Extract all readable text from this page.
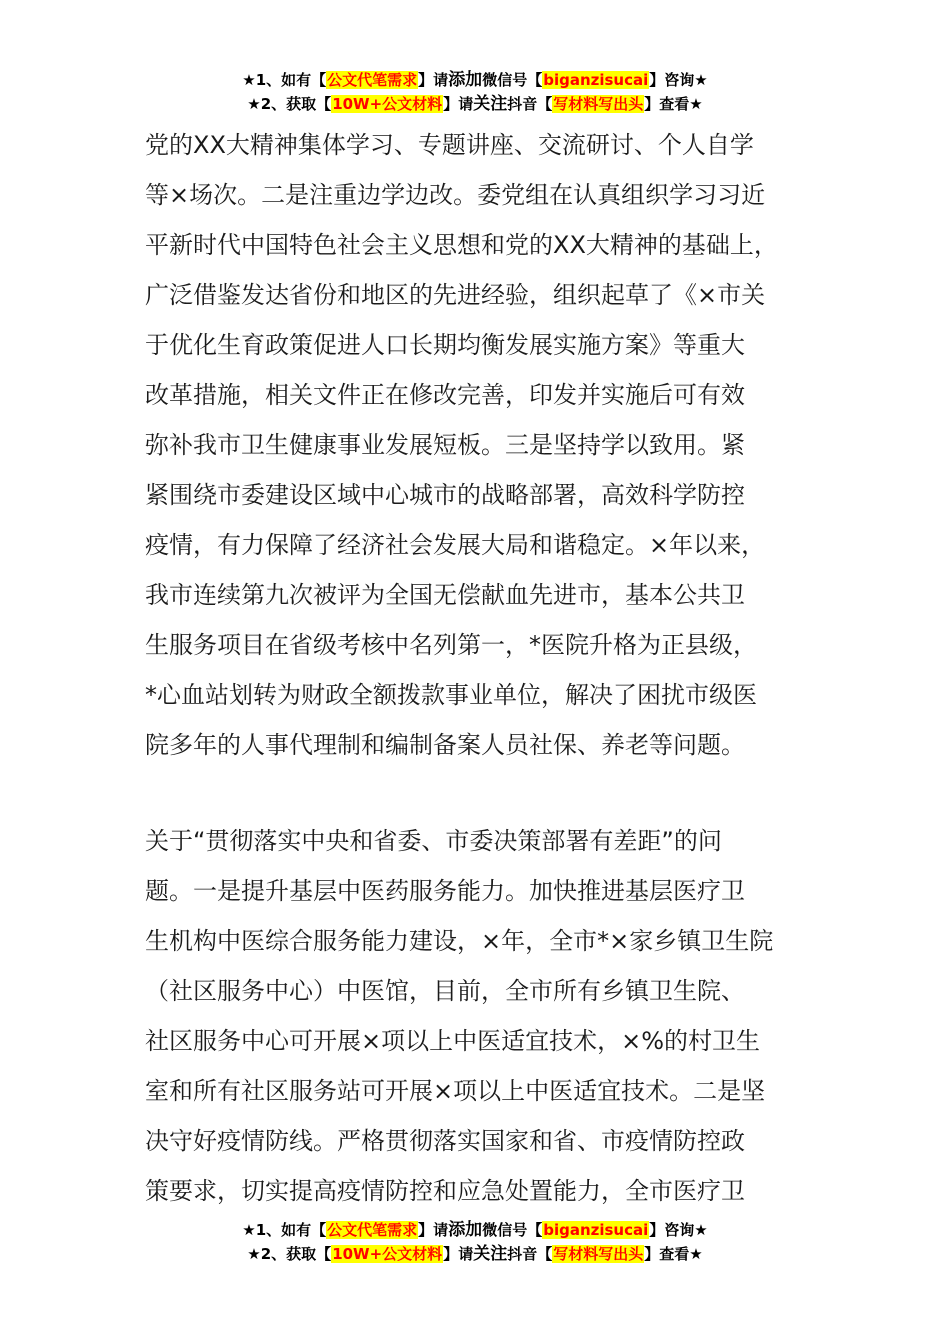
★1、如有【公文代笔需求】请添加微信号【biganzisucai】咨询★
★2、获取【10W+公文材料】请关注抖音【写材料写出头】查看★

党的XX大精神集体学习、专题讲座、交流研讨、个人自学

等×场次。二是注重边学边改。委党组在认真组织学习习近

平新时代中国特色社会主义思想和党的XX大精神的基础上，

广泛借鉴发达省份和地区的先进经验，组织起草了《×市关

于优化生育政策促进人口长期均衡发展实施方案》等重大

改革措施，相关文件正在修改完善，印发并实施后可有效

弥补我市卫生健康事业发展短板。三是坚持学以致用。紧

紧围绕市委建设区域中心城市的战略部署，高效科学防控

疫情，有力保障了经济社会发展大局和谐稳定。×年以来，

我市连续第九次被评为全国无偿献血先进市，基本公共卫

生服务项目在省级考核中名列第一，*医院升格为正县级，

*心血站划转为财政全额拨款事业单位，解决了困扰市级医

院多年的人事代理制和编制备案人员社保、养老等问题。

关于“贯彻落实中央和省委、市委决策部署有差距”的问

题。一是提升基层中医药服务能力。加快推进基层医疗卫

生机构中医综合服务能力建设，×年，全市*×家乡镇卫生院

（社区服务中心）中医馆，目前，全市所有乡镇卫生院、

社区服务中心可开展×项以上中医适宜技术，×%的村卫生

室和所有社区服务站可开展×项以上中医适宜技术。二是坚

决守好疫情防线。严格贯彻落实国家和省、市疫情防控政

策要求，切实提高疫情防控和应急处置能力，全市医疗卫

★1、如有【公文代笔需求】请添加微信号【biganzisucai】咨询★
★2、获取【10W+公文材料】请关注抖音【写材料写出头】查看★
